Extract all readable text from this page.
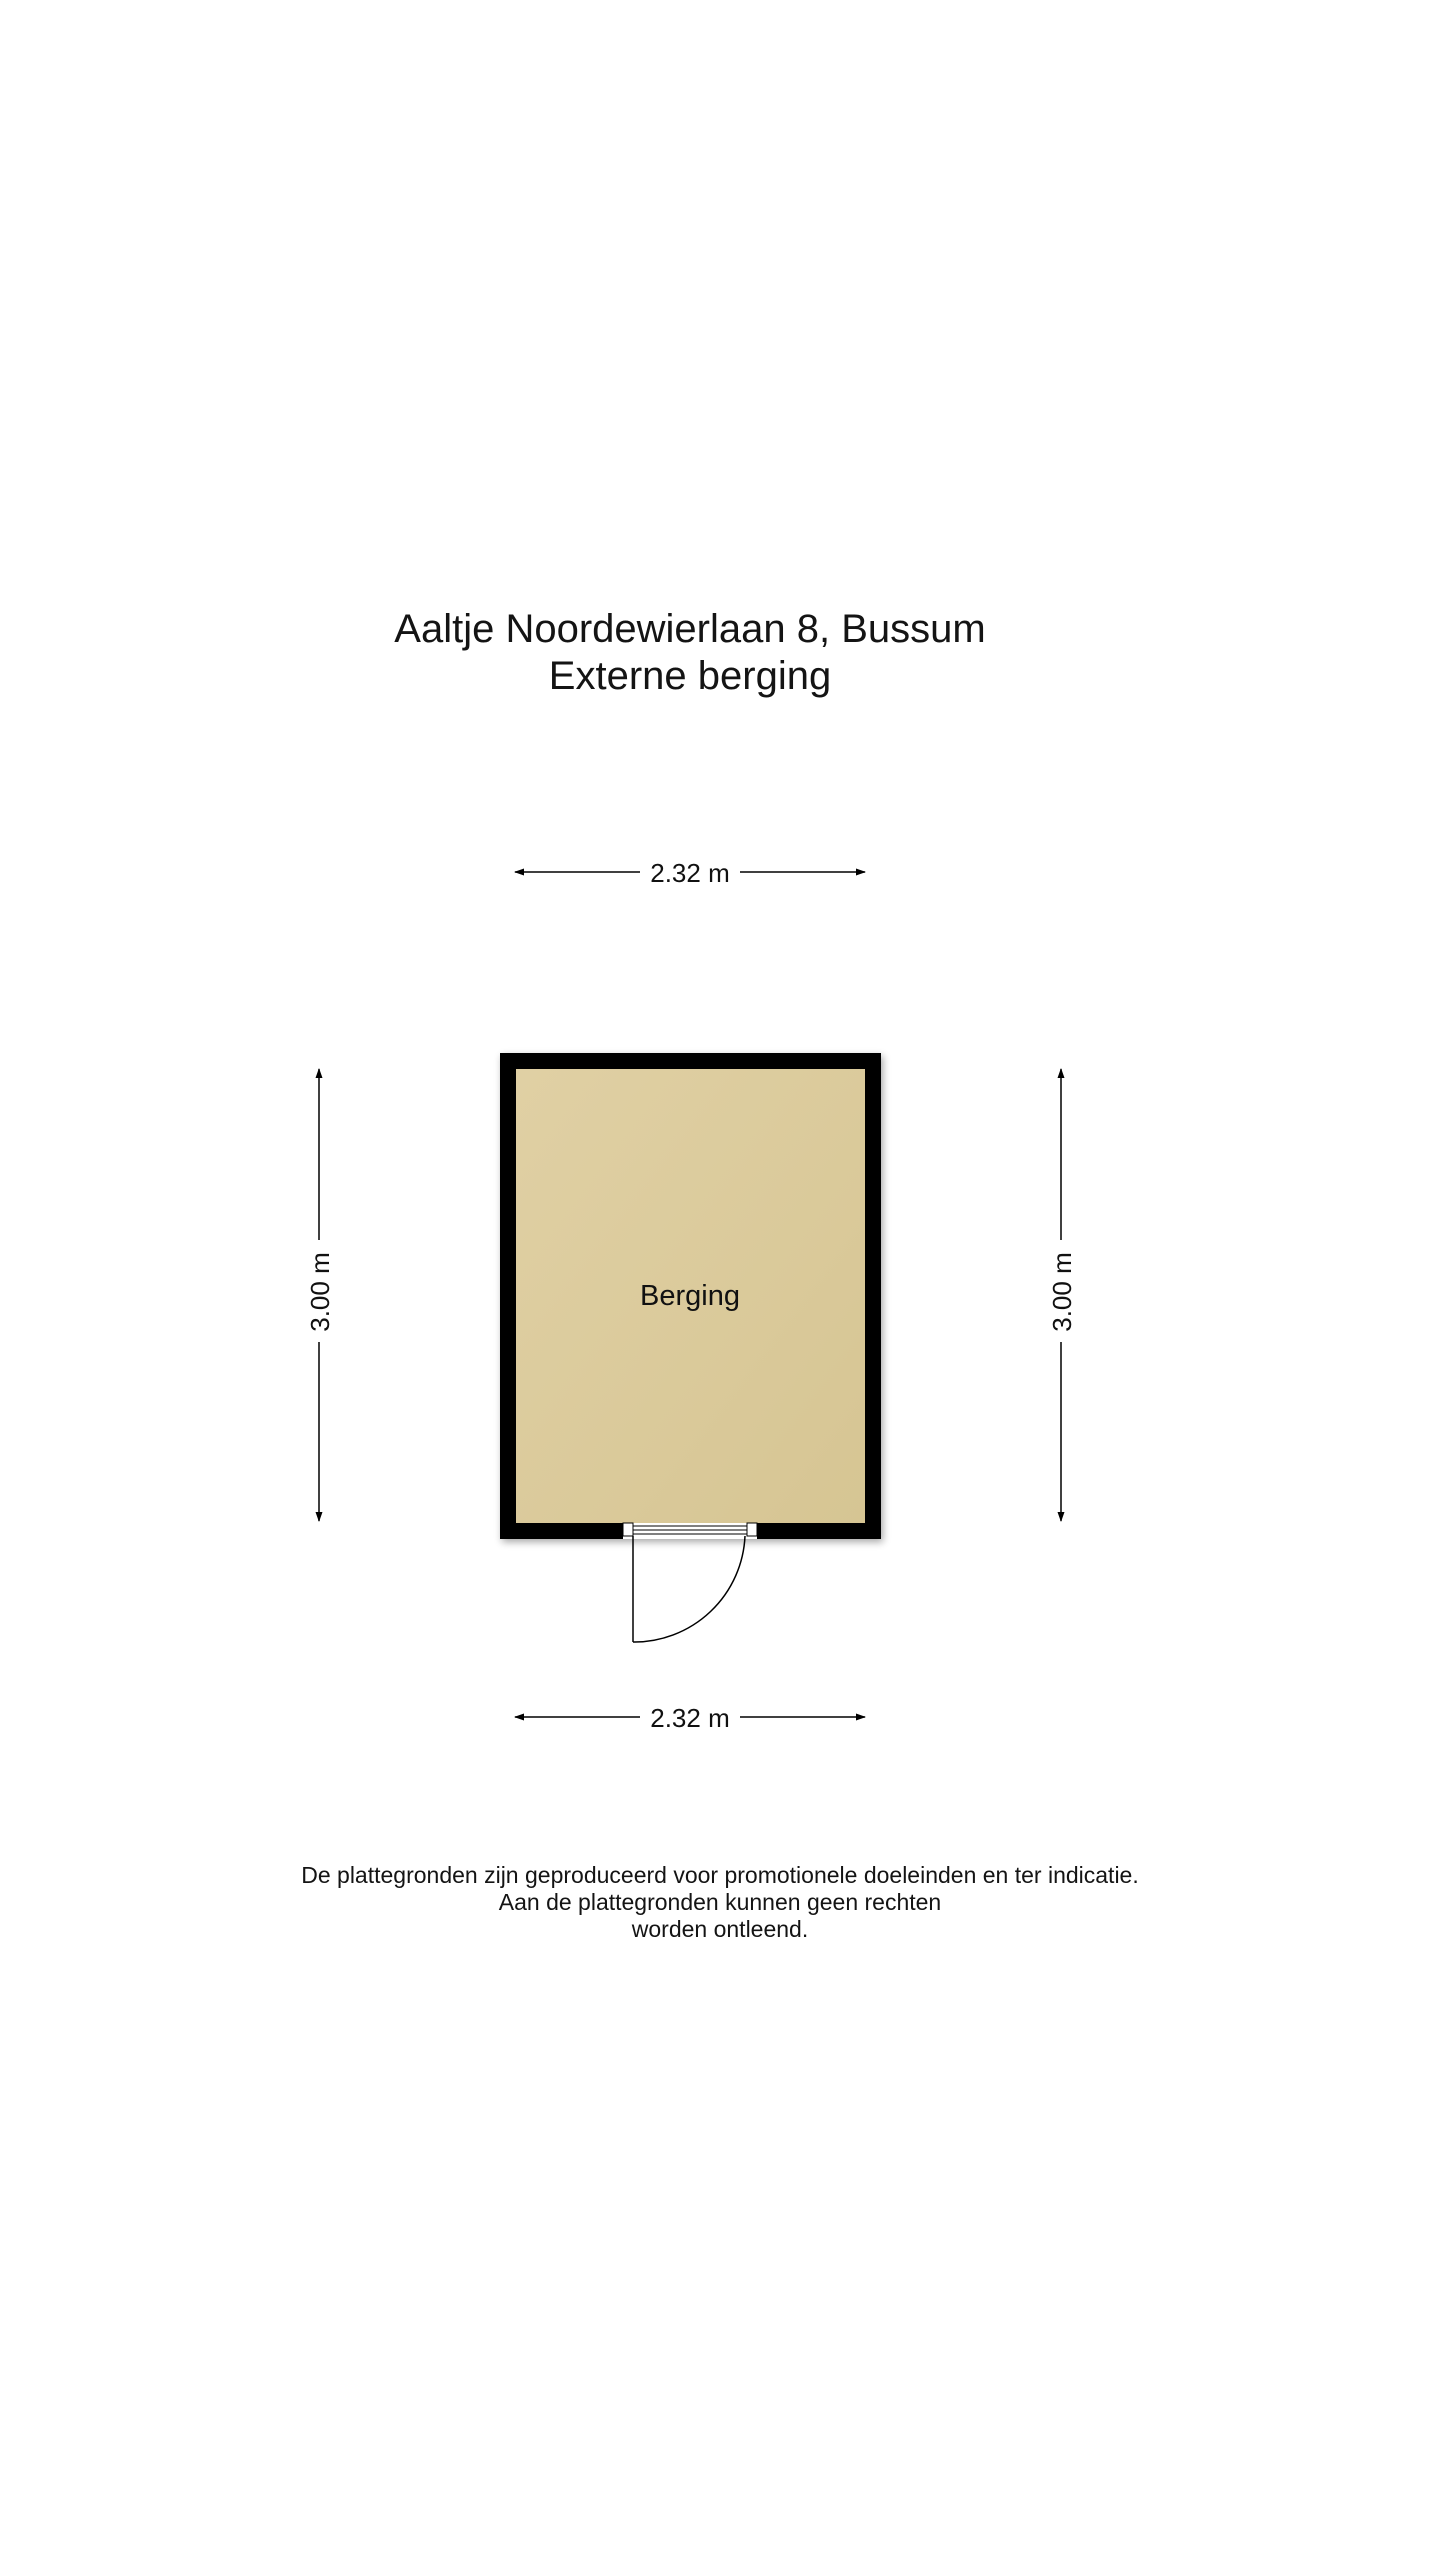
Aaltje Noordewierlaan 8, Bussum
Externe berging
2.32 m
3.00 m	3.00 m
Berging
2.32 m
De plattegronden zijn geproduceerd voor promotionele doeleinden en ter indicatie.
Aan de plattegronden kunnen geen rechten
worden ontleend.
